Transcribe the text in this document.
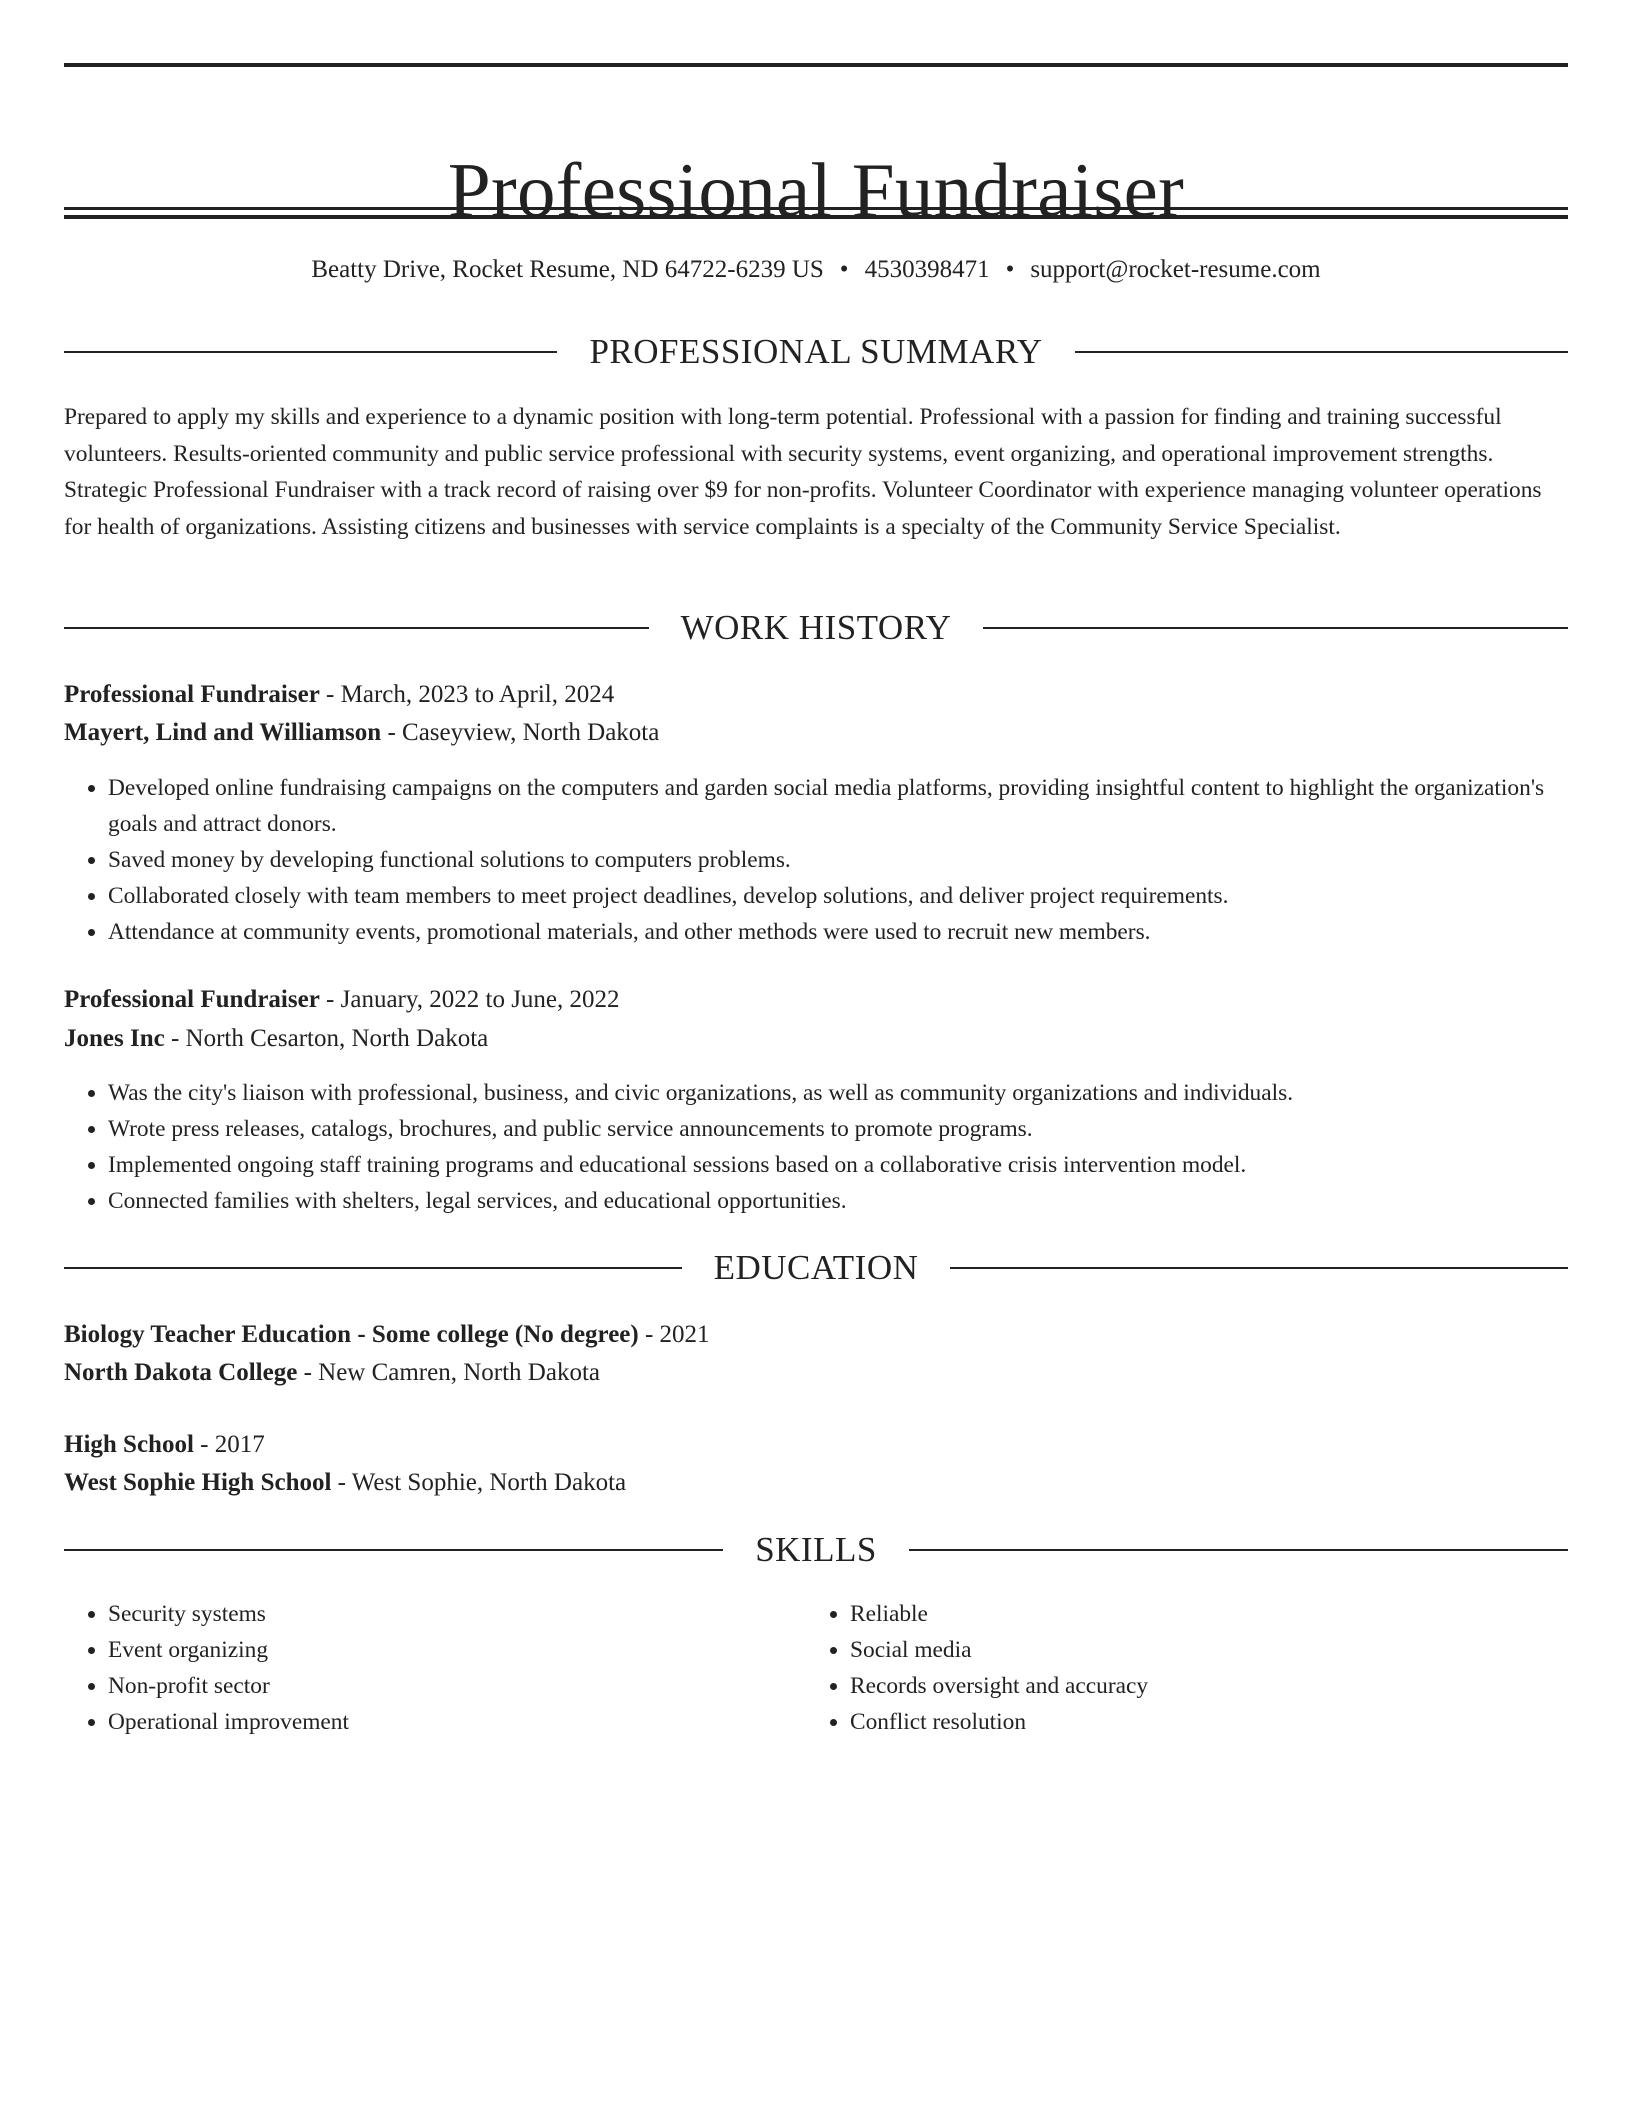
Professional Fundraiser
Beatty Drive, Rocket Resume, ND 64722-6239 US • 4530398471 • support@rocket-resume.com
PROFESSIONAL SUMMARY

Prepared to apply my skills and experience to a dynamic position with long-term potential. Professional with a passion for finding and training successful volunteers. Results-oriented community and public service professional with security systems, event organizing, and operational improvement strengths. Strategic Professional Fundraiser with a track record of raising over $9 for non-profits. Volunteer Coordinator with experience managing volunteer operations for health of organizations. Assisting citizens and businesses with service complaints is a specialty of the Community Service Specialist.

WORK HISTORY
Professional Fundraiser - March, 2023 to April, 2024
Mayert, Lind and Williamson - Caseyview, North Dakota
• Developed online fundraising campaigns on the computers and garden social media platforms, providing insightful content to highlight the organization's goals and attract donors.
• Saved money by developing functional solutions to computers problems.
• Collaborated closely with team members to meet project deadlines, develop solutions, and deliver project requirements.
• Attendance at community events, promotional materials, and other methods were used to recruit new members.
Professional Fundraiser - January, 2022 to June, 2022
Jones Inc - North Cesarton, North Dakota
• Was the city's liaison with professional, business, and civic organizations, as well as community organizations and individuals.
• Wrote press releases, catalogs, brochures, and public service announcements to promote programs.
• Implemented ongoing staff training programs and educational sessions based on a collaborative crisis intervention model.
• Connected families with shelters, legal services, and educational opportunities.
EDUCATION
Biology Teacher Education - Some college (No degree) - 2021
North Dakota College - New Camren, North Dakota
High School - 2017
West Sophie High School - West Sophie, North Dakota
SKILLS
• Security systems
• Event organizing
• Non-profit sector
• Operational improvement
• Reliable
• Social media
• Records oversight and accuracy
• Conflict resolution
